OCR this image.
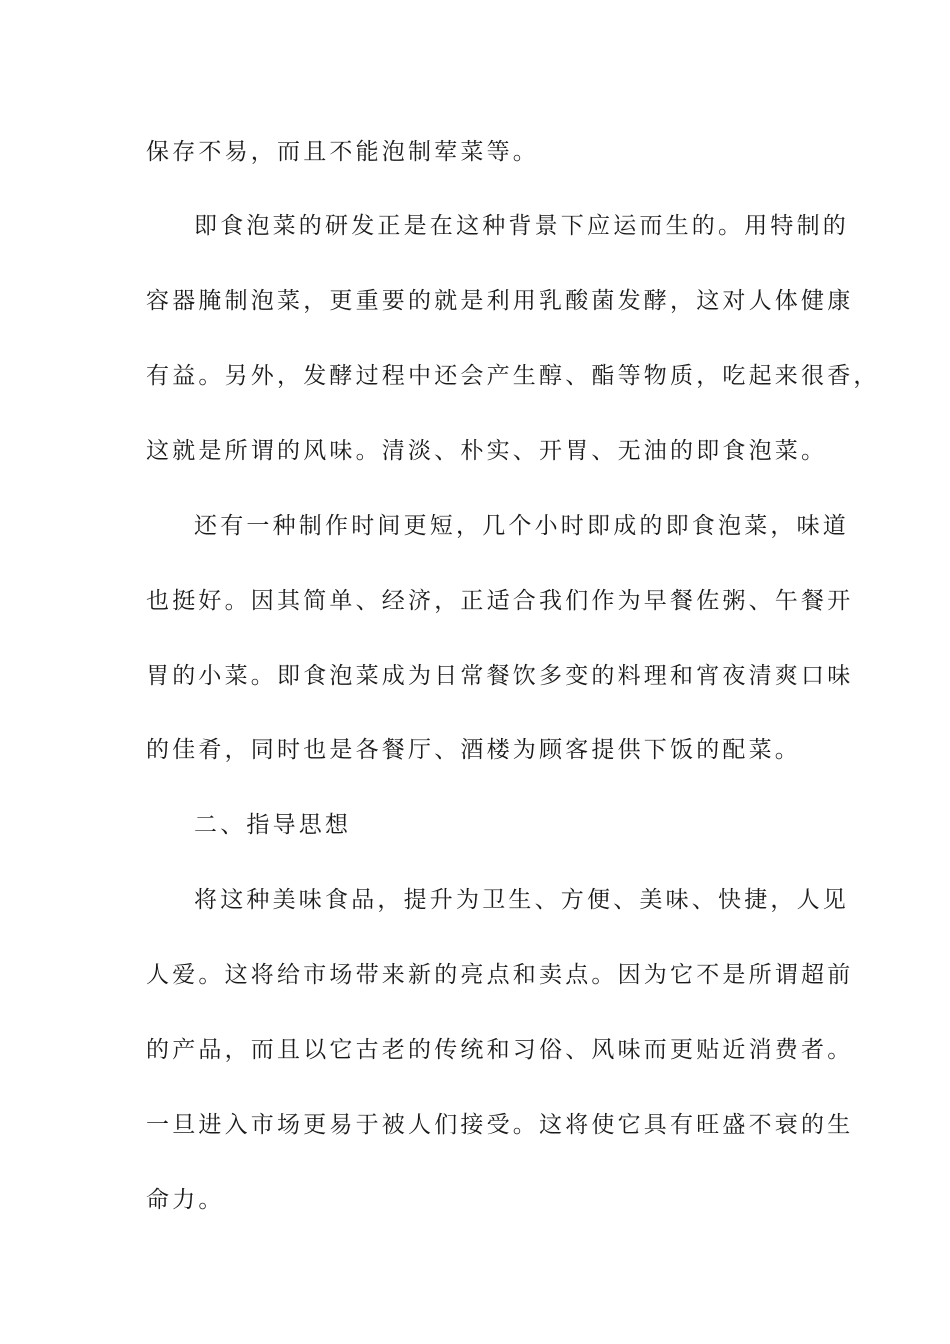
保存不易，而且不能泡制荤菜等。
即食泡菜的研发正是在这种背景下应运而生的。用特制的
容器腌制泡菜，更重要的就是利用乳酸菌发酵，这对人体健康
有益。另外，发酵过程中还会产生醇、酯等物质，吃起来很香，
这就是所谓的风味。清淡、朴实、开胃、无油的即食泡菜。
还有一种制作时间更短，几个小时即成的即食泡菜，味道
也挺好。因其简单、经济，正适合我们作为早餐佐粥、午餐开
胃的小菜。即食泡菜成为日常餐饮多变的料理和宵夜清爽口味
的佳肴，同时也是各餐厅、酒楼为顾客提供下饭的配菜。
二、指导思想
将这种美味食品，提升为卫生、方便、美味、快捷，人见
人爱。这将给市场带来新的亮点和卖点。因为它不是所谓超前
的产品，而且以它古老的传统和习俗、风味而更贴近消费者。
一旦进入市场更易于被人们接受。这将使它具有旺盛不衰的生
命力。
